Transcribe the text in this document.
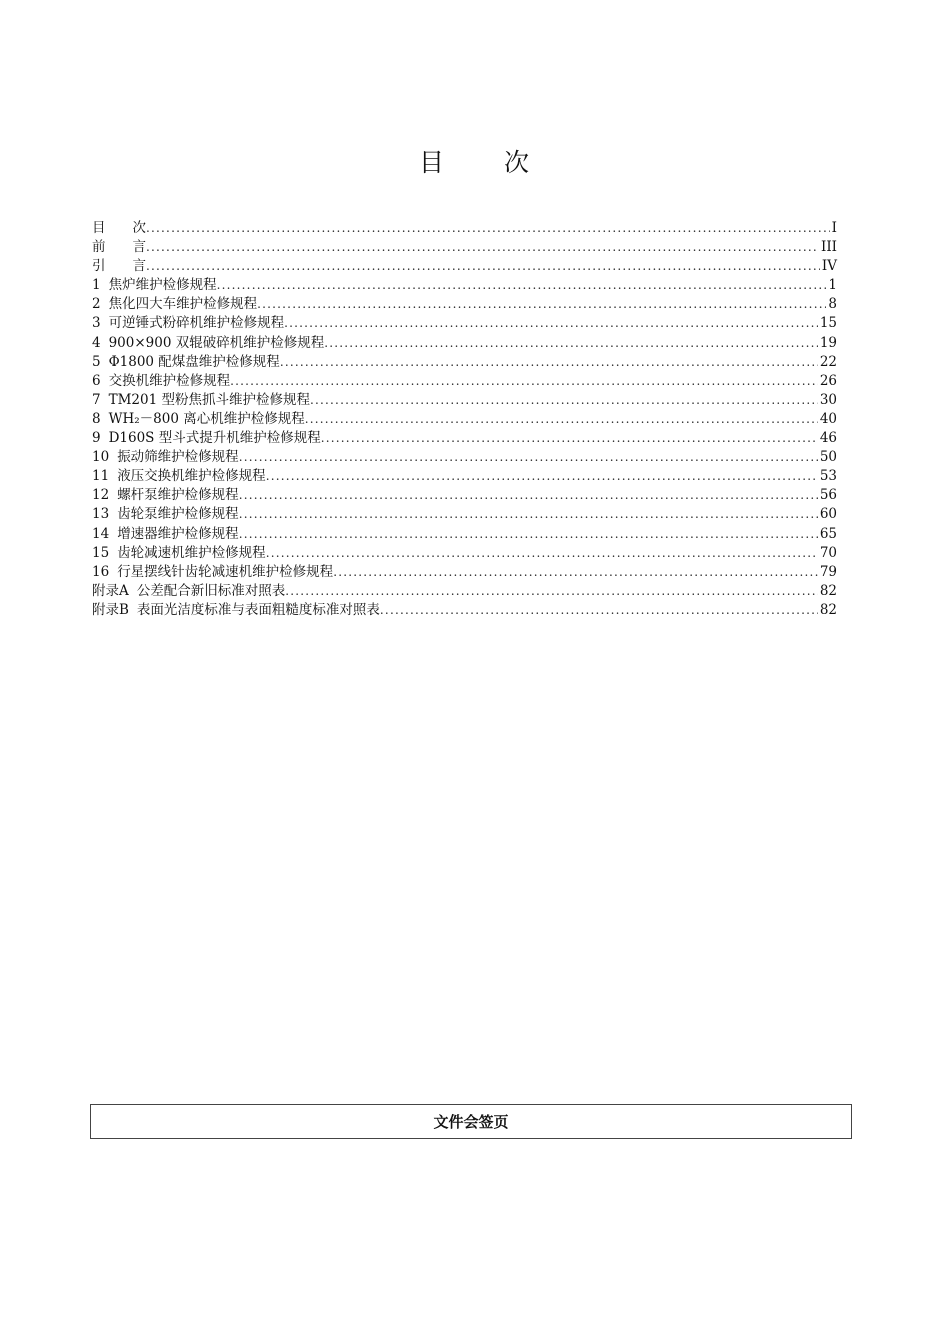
目 次
目　　次 .....	I
前　　言 .....	III
引　　言 .....	IV
1 焦炉维护检修规程 .....	1
2 焦化四大车维护检修规程 .....	8
3 可逆锤式粉碎机维护检修规程 .....	15
4 900×900 双辊破碎机维护检修规程 .....	19
5 Φ1800 配煤盘维护检修规程 .....	22
6 交换机维护检修规程 .....	26
7 TM201 型粉焦抓斗维护检修规程 .....	30
8 WH₂－800 离心机维护检修规程 .....	40
9 D160S 型斗式提升机维护检修规程 .....	46
10 振动筛维护检修规程 .....	50
11 液压交换机维护检修规程 .....	53
12 螺杆泵维护检修规程 .....	56
13 齿轮泵维护检修规程 .....	60
14 增速器维护检修规程 .....	65
15 齿轮减速机维护检修规程 .....	70
16 行星摆线针齿轮减速机维护检修规程 .....	79
附录A 公差配合新旧标准对照表 .....	82
附录B 表面光洁度标准与表面粗糙度标准对照表 .....	82
文件会签页
